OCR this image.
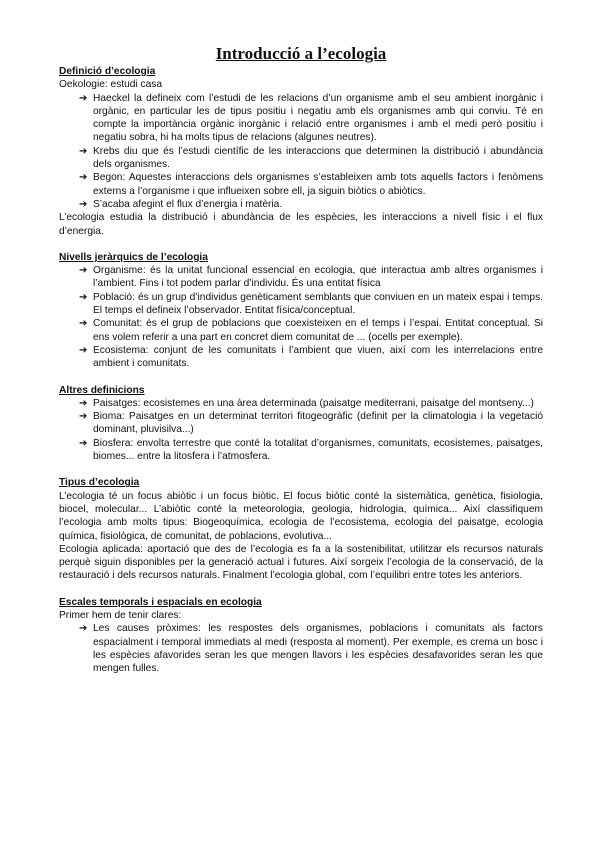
Introducció a l’ecologia
Definició d’ecologia

Oekologie: estudi casa

➔ Haeckel la defineix com l’estudi de les relacions d’un organisme amb el seu ambient inorgànic i orgànic, en particular les de tipus positiu i negatiu amb els organismes amb qui conviu. Té en compte la importància orgànic inorgànic i relació entre organismes i amb el medi però positiu i negatiu sobra, hi ha molts tipus de relacions (algunes neutres).
➔ Krebs diu que és l’estudi científic de les interaccions que determinen la distribució i abundància dels organismes.
➔ Begon: Aquestes interaccions dels organismes s’estableixen amb tots aquells factors i fenòmens externs a l’organisme i que influeixen sobre ell, ja siguin biòtics o abiòtics.
➔ S’acaba afegint el flux d’energia i matèria.

L’ecologia estudia la distribució i abundància de les espècies, les interaccions a nivell físic i el flux d’energia.

Nivells jeràrquics de l’ecologia
➔ Organisme: és la unitat funcional essencial en ecologia, que interactua amb altres organismes i l’ambient. Fins i tot podem parlar d’individu. És una entitat física
➔ Població: és un grup d’individus genèticament semblants que conviuen en un mateix espai i temps. El temps el defineix l’observador. Entitat física/conceptual.
➔ Comunitat: és el grup de poblacions que coexisteixen en el temps i l’espai. Entitat conceptual. Si ens volem referir a una part en concret diem comunitat de ... (ocells per exemple).
➔ Ecosistema: conjunt de les comunitats i l’ambient que viuen, així com les interrelacions entre ambient i comunitats.
Altres definicions
➔ Paisatges: ecosistemes en una àrea determinada (paisatge mediterrani, paisatge del montseny...)
➔ Bioma: Paisatges en un determinat territori fitogeogràfic (definit per la climatologia i la vegetació dominant, pluvisilva...)
➔ Biosfera: envolta terrestre que conté la totalitat d’organismes, comunitats, ecosistemes, paisatges, biomes... entre la litosfera i l’atmosfera.
Tipus d’ecologia

L’ecologia té un focus abiòtic i un focus biòtic. El focus biòtic conté la sistemàtica, genètica, fisiologia, biocel, molecular... L’abiòtic conté la meteorologia, geologia, hidrologia, química... Així classifiquem l’ecologia amb molts tipus: Biogeoquímica, ecologia de l’ecosistema, ecologia del paisatge, ecologia química, fisiològica, de comunitat, de poblacions, evolutiva...

Ecologia aplicada: aportació que des de l’ecologia es fa a la sostenibilitat, utilitzar els recursos naturals perquè siguin disponibles per la generació actual i futures. Així sorgeix l’ecologia de la conservació, de la restauració i dels recursos naturals. Finalment l’ecologia global, com l’equilibri entre totes les anteriors.

Escales temporals i espacials en ecologia

Primer hem de tenir clares:

➔ Les causes pròximes: les respostes dels organismes, poblacions i comunitats als factors espacialment i temporal immediats al medi (resposta al moment). Per exemple, es crema un bosc i les espècies afavorides seran les que mengen llavors i les espècies desafavorides seran les que mengen fulles.
